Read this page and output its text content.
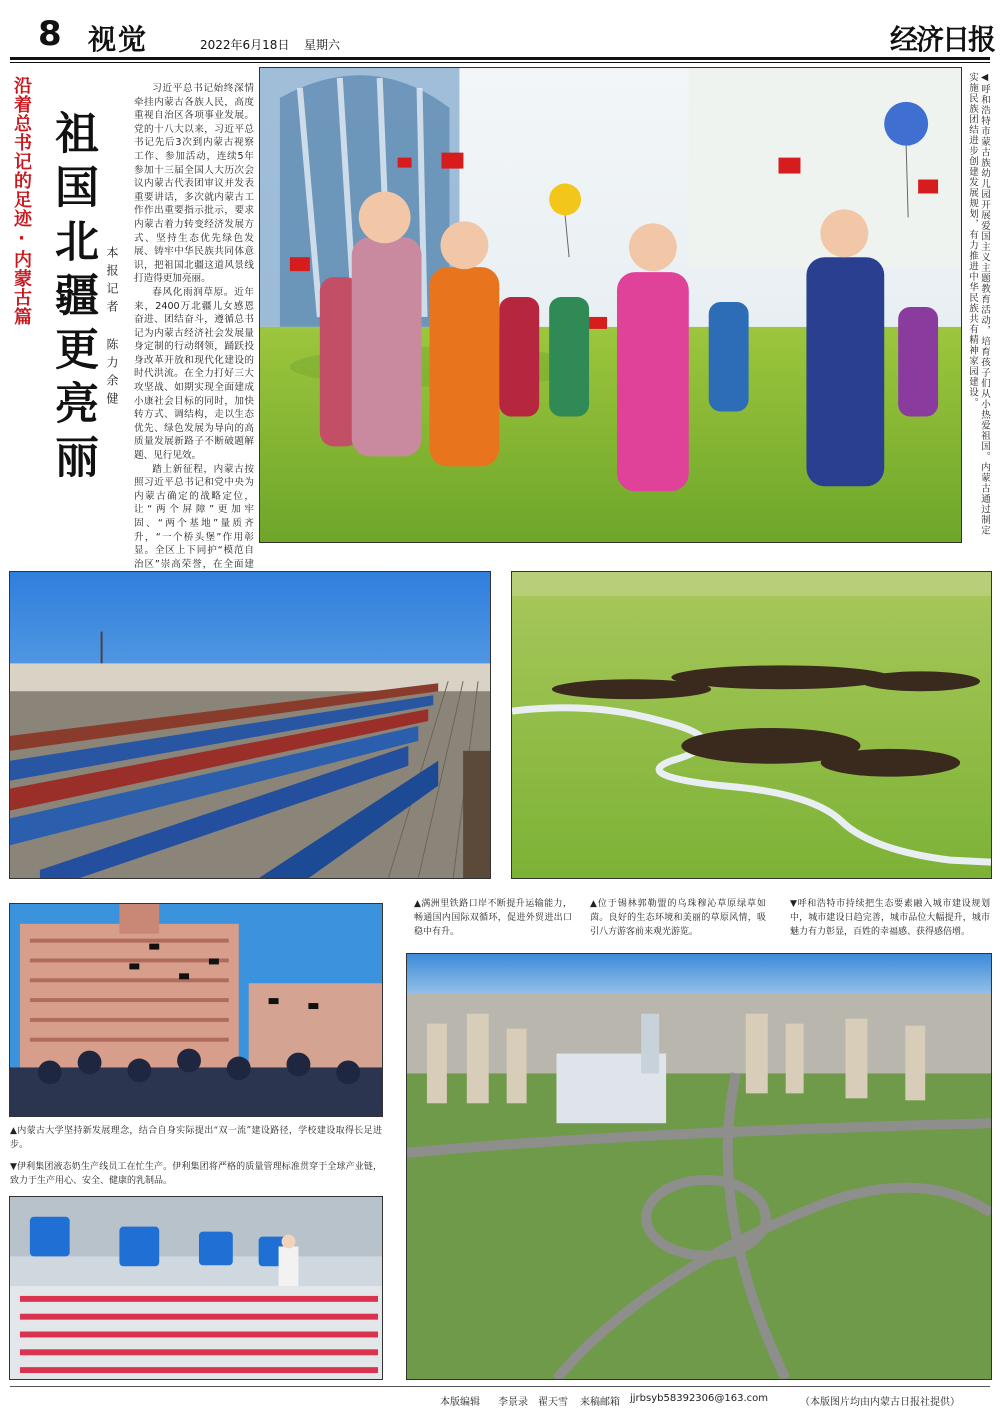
8 视觉	2022年6月18日 星期六	经济日报
沿着总书记的足迹·内蒙古篇 祖国北疆更亮丽 本报记者 陈力余健

习近平总书记始终深情牵挂内蒙古各族人民，高度重视自治区各项事业发展。党的十八大以来，习近平总书记先后3次到内蒙古视察工作、参加活动，连续5年参加十三届全国人大历次会议内蒙古代表团审议并发表重要讲话，多次就内蒙古工作作出重要指示批示，要求内蒙古着力转变经济发展方式、坚持生态优先绿色发展、铸牢中华民族共同体意识，把祖国北疆这道风景线打造得更加亮丽。

春风化雨润草原。近年来，2400万北疆儿女感恩奋进、团结奋斗，遵循总书记为内蒙古经济社会发展量身定制的行动纲领，踊跃投身改革开放和现代化建设的时代洪流。在全力打好三大攻坚战、如期实现全面建成小康社会目标的同时，加快转方式、调结构，走以生态优先、绿色发展为导向的高质量发展新路子不断破题解题、见行见效。

踏上新征程，内蒙古按照习近平总书记和党中央为内蒙古确定的战略定位，让“两个屏障”更加牢固、“两个基地”量质齐升，“一个桥头堡”作用彰显。全区上下同护“模范自治区”崇高荣誉，在全面建

◀呼和浩特市蒙古族幼儿园开展爱国主义主题教育活动，培育孩子们从小热爱祖国。内蒙古通过制定实施民族团结进步创建发展规划，有力推进中华民族共有精神家园建设。
▲满洲里铁路口岸不断提升运输能力，畅通国内国际双循环，促进外贸进出口稳中有升。
▲位于锡林郭勒盟的乌珠穆沁草原绿草如茵。良好的生态环境和美丽的草原风情，吸引八方游客前来观光游览。
▼呼和浩特市持续把生态要素融入城市建设规划中，城市建设日趋完善，城市品位大幅提升，城市魅力有力彰显，百姓的幸福感、获得感倍增。
▲内蒙古大学坚持新发展理念，结合自身实际提出“双一流”建设路径，学校建设取得长足进步。
▼伊利集团液态奶生产线员工在忙生产。伊利集团将严格的质量管理标准贯穿于全球产业链，致力于生产用心、安全、健康的乳制品。
本版编辑 李景录　翟天雪 来稿邮箱 jjrbsyb58392306@163.com	（本版图片均由内蒙古日报社提供）
